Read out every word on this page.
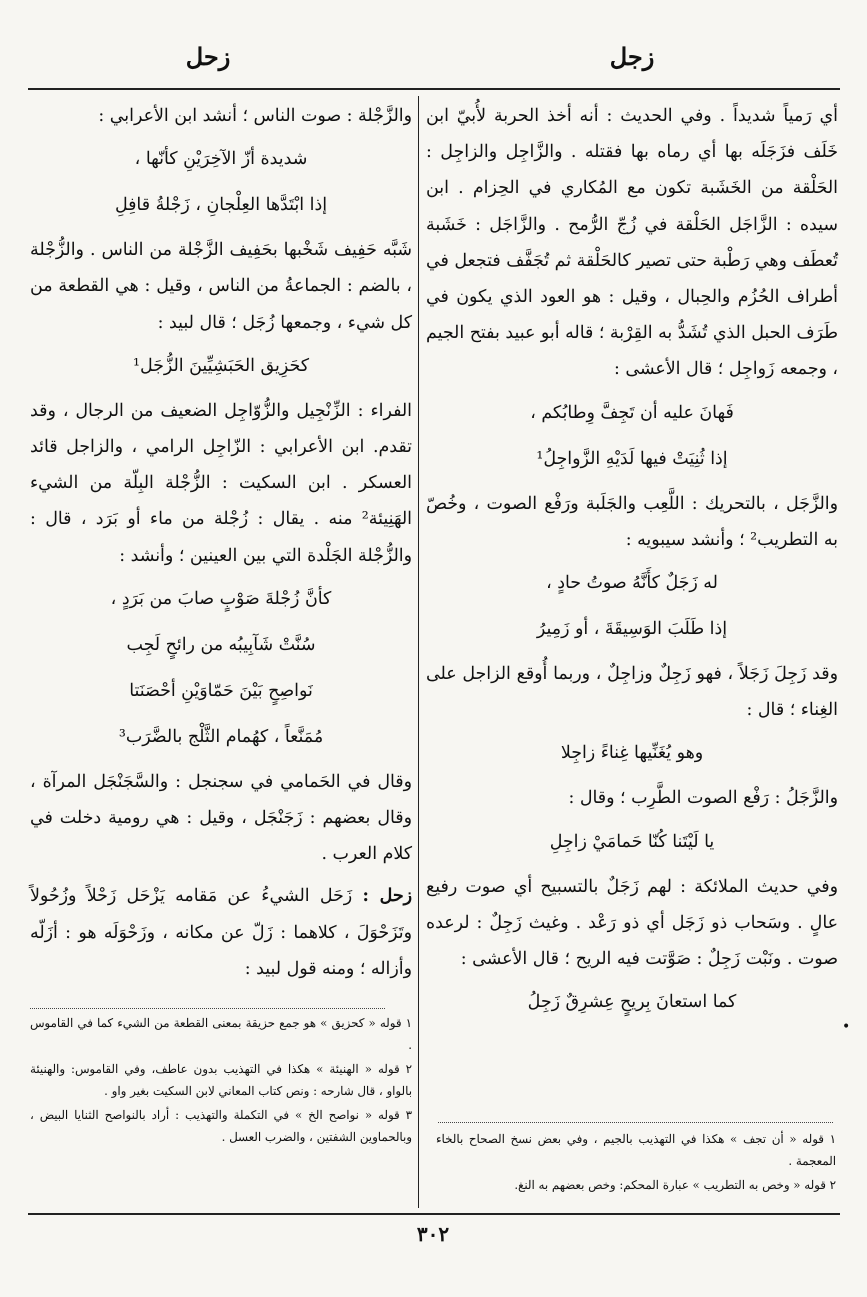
زجل
زحل

أي رَمياً شديداً . وفي الحديث : أنه أخذ الحربة لأُبيّ ابن خَلَف فزَجَلَه بها أي رماه بها فقتله . والزَّاجِل والزاجِل : الحَلْقة من الخَشَبة تكون مع المُكاري في الحِزام . ابن سيده : الزَّاجَل الحَلْقة في زُجّ الرُّمح . والزَّاجَل : خَشَبة تُعطَف وهي رَطْبة حتى تصير كالحَلْقة ثم تُجَفَّف فتجعل في أطراف الحُزُم والحِبال ، وقيل : هو العود الذي يكون في طَرَف الحبل الذي تُشَدُّ به القِرْبة ؛ قاله أبو عبيد بفتح الجيم ، وجمعه زَواجِل ؛ قال الأعشى :

فَهانَ عليه أن تَجِفَّ وِطابُكم ،
إذا ثُنِيَتْ فيها لَدَيْهِ الزَّواجِلُ¹

والزَّجَل ، بالتحريك : اللَّعِب والجَلَبة ورَفْع الصوت ، وخُصّ به التطريب² ؛ وأنشد سيبويه :

له زَجَلٌ كأَنَّهُ صوتُ حادٍ ،
إذا طَلَبَ الوَسِيقَةَ ، أو زَمِيرُ

وقد زَجِلَ زَجَلاً ، فهو زَجِلٌ وزاجِلٌ ، وربما أُوقع الزاجل على الغِناء ؛ قال :

وهو يُغَنِّيها غِناءً زاجِلا

والزَّجَلُ : رَفْع الصوت الطَّرِب ؛ وقال :

يا لَيْتَنا كُنّا حَمامَيْ زاجِلِ

وفي حديث الملائكة : لهم زَجَلٌ بالتسبيح أي صوت رفيع عالٍ . وسَحاب ذو زَجَل أي ذو رَعْد . وغيث زَجِلٌ : لرعده صوت . ونَبْت زَجِلٌ : صَوَّتت فيه الريح ؛ قال الأعشى :

كما استعانَ بِريحٍ عِشرِقٌ زَجِلُ
•

١ قوله « أن تجف » هكذا في التهذيب بالجيم ، وفي بعض نسخ الصحاح بالخاء المعجمة .

٢ قوله « وخص به التطريب » عبارة المحكم: وخص بعضهم به النغ.

والزَّجْلة : صوت الناس ؛ أنشد ابن الأعرابي :

شديدة أزّ الآخِرَيْنِ كأنّها ،
إذا ابْتَدَّها العِلْجانِ ، زَجْلةُ قافِلِ

شَبَّه حَفِيف شَخْبها بحَفِيف الزَّجْلة من الناس . والزُّجْلة ، بالضم : الجماعةُ من الناس ، وقيل : هي القطعة من كل شيء ، وجمعها زُجَل ؛ قال لبيد :

كحَزِيق الحَبَشِيِّينَ الزُّجَل¹

الفراء : الزِّنْجِيل والزُّوّاجِل الضعيف من الرجال ، وقد تقدم. ابن الأعرابي : الزّاجِل الرامي ، والزاجل قائد العسكر . ابن السكيت : الزُّجْلة البِلّة من الشيء الهَنِيئة² منه . يقال : زُجْلة من ماء أو بَرَد ، قال : والزُّجْلة الجَلْدة التي بين العينين ؛ وأنشد :

كأنَّ زُجْلةَ صَوْبٍ صابَ من بَرَدٍ ،
سُنَّتْ شَآبِيبُه من رائحٍ لَجِب
نَواصِحٍ بَيْنَ حَمّاوَيْنِ أحْصَنَتا
مُمَنَّعاً ، كهُمام الثَّلْج بالضَّرَب³

وقال في الحَمامي في سجنجل : والسَّجَنْجَل المرآة ، وقال بعضهم : زَجَنْجَل ، وقيل : هي رومية دخلت في كلام العرب .

زحل : زَحَل الشيءُ عن مَقامه يَزْحَل زَحْلاً وزُحُولاً وتَزَحْوَلَ ، كلاهما : زَلّ عن مكانه ، وزَحْوَلَه هو : أزَلّه وأزاله ؛ ومنه قول لبيد :

١ قوله « كحزيق » هو جمع حزيقة بمعنى القطعة من الشيء كما في القاموس .

٢ قوله « الهنيئة » هكذا في التهذيب بدون عاطف، وفي القاموس: والهنيئة بالواو ، قال شارحه : ونص كتاب المعاني لابن السكيت بغير واو .

٣ قوله « نواصح الخ » في التكملة والتهذيب : أراد بالنواصح الثنايا البيض ، وبالحماوين الشفتين ، والضرب العسل .

٣٠٢
